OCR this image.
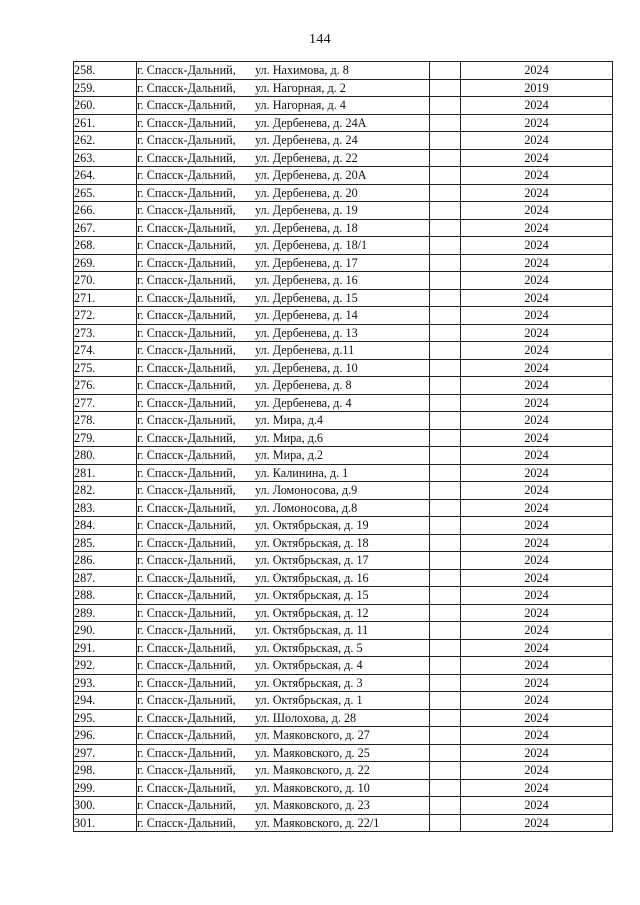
144
258.	г. Спасск-Дальний, ул. Нахимова, д. 8		2024
259.	г. Спасск-Дальний, ул. Нагорная, д. 2		2019
260.	г. Спасск-Дальний, ул. Нагорная, д. 4		2024
261.	г. Спасск-Дальний, ул. Дербенева, д. 24А		2024
262.	г. Спасск-Дальний, ул. Дербенева, д. 24		2024
263.	г. Спасск-Дальний, ул. Дербенева, д. 22		2024
264.	г. Спасск-Дальний, ул. Дербенева, д. 20А		2024
265.	г. Спасск-Дальний, ул. Дербенева, д. 20		2024
266.	г. Спасск-Дальний, ул. Дербенева, д. 19		2024
267.	г. Спасск-Дальний, ул. Дербенева, д. 18		2024
268.	г. Спасск-Дальний, ул. Дербенева, д. 18/1		2024
269.	г. Спасск-Дальний, ул. Дербенева, д. 17		2024
270.	г. Спасск-Дальний, ул. Дербенева, д. 16		2024
271.	г. Спасск-Дальний, ул. Дербенева, д. 15		2024
272.	г. Спасск-Дальний, ул. Дербенева, д. 14		2024
273.	г. Спасск-Дальний, ул. Дербенева, д. 13		2024
274.	г. Спасск-Дальний, ул. Дербенева, д.11		2024
275.	г. Спасск-Дальний, ул. Дербенева, д. 10		2024
276.	г. Спасск-Дальний, ул. Дербенева, д. 8		2024
277.	г. Спасск-Дальний, ул. Дербенева, д. 4		2024
278.	г. Спасск-Дальний, ул. Мира, д.4		2024
279.	г. Спасск-Дальний, ул. Мира, д.6		2024
280.	г. Спасск-Дальний, ул. Мира, д.2		2024
281.	г. Спасск-Дальний, ул. Калинина, д. 1		2024
282.	г. Спасск-Дальний, ул. Ломоносова, д.9		2024
283.	г. Спасск-Дальний, ул. Ломоносова, д.8		2024
284.	г. Спасск-Дальний, ул. Октябрьская, д. 19		2024
285.	г. Спасск-Дальний, ул. Октябрьская, д. 18		2024
286.	г. Спасск-Дальний, ул. Октябрьская, д. 17		2024
287.	г. Спасск-Дальний, ул. Октябрьская, д. 16		2024
288.	г. Спасск-Дальний, ул. Октябрьская, д. 15		2024
289.	г. Спасск-Дальний, ул. Октябрьская, д. 12		2024
290.	г. Спасск-Дальний, ул. Октябрьская, д. 11		2024
291.	г. Спасск-Дальний, ул. Октябрьская, д. 5		2024
292.	г. Спасск-Дальний, ул. Октябрьская, д. 4		2024
293.	г. Спасск-Дальний, ул. Октябрьская, д. 3		2024
294.	г. Спасск-Дальний, ул. Октябрьская, д. 1		2024
295.	г. Спасск-Дальний, ул. Шолохова, д. 28		2024
296.	г. Спасск-Дальний, ул. Маяковского, д. 27		2024
297.	г. Спасск-Дальний, ул. Маяковского, д. 25		2024
298.	г. Спасск-Дальний, ул. Маяковского, д. 22		2024
299.	г. Спасск-Дальний, ул. Маяковского, д. 10		2024
300.	г. Спасск-Дальний, ул. Маяковского, д. 23		2024
301.	г. Спасск-Дальний, ул. Маяковского, д. 22/1		2024
